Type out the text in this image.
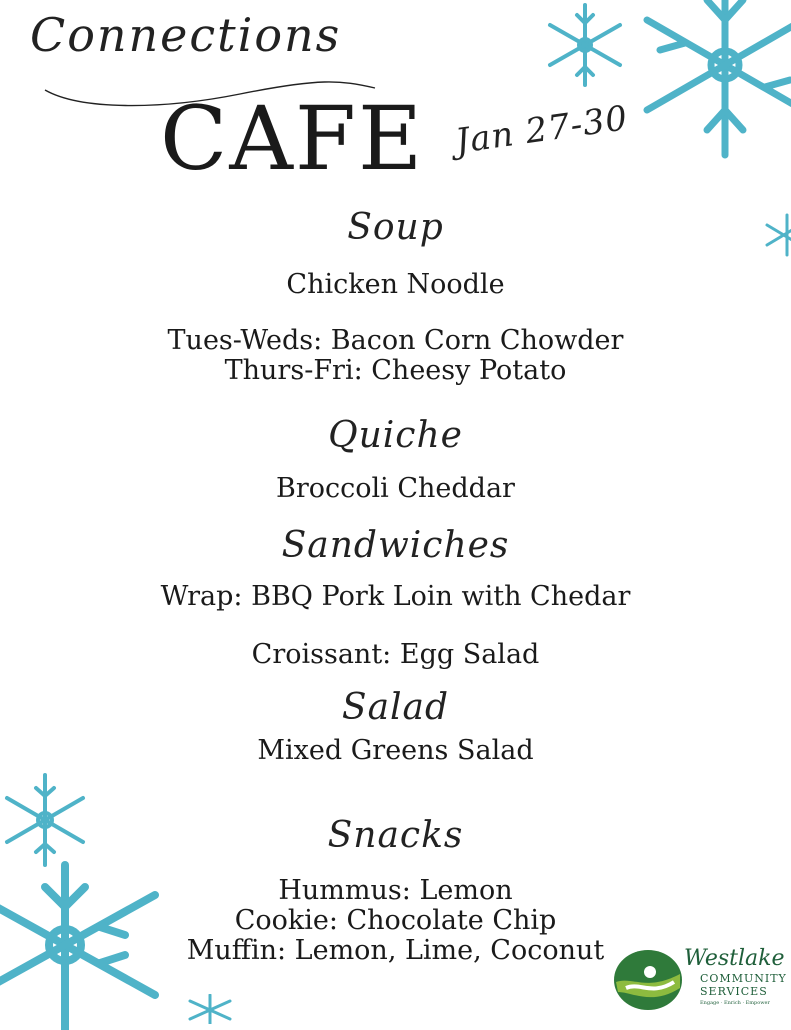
Connections
CAFE Jan 27-30
Soup
Chicken Noodle
Tues-Weds: Bacon Corn Chowder
Thurs-Fri: Cheesy Potato
Quiche
Broccoli Cheddar
Sandwiches
Wrap: BBQ Pork Loin with Chedar
Croissant: Egg Salad
Salad
Mixed Greens Salad
Snacks
Hummus: Lemon
Cookie: Chocolate Chip
Muffin: Lemon, Lime, Coconut	Westlake
COMMUNITY
SERVICES
Engage · Enrich · Empower
